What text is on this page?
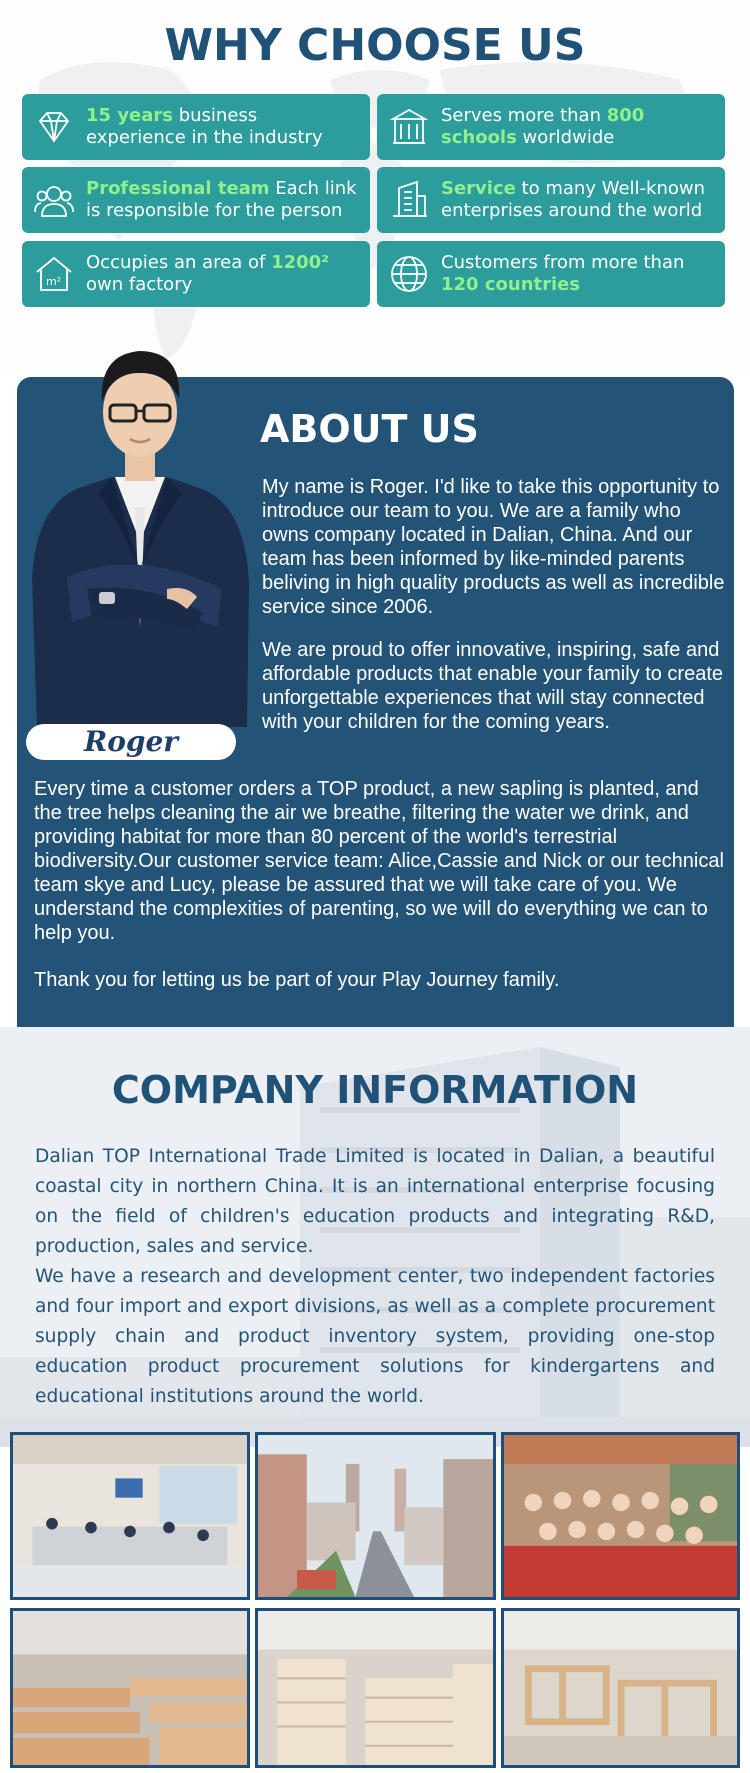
WHY CHOOSE US
15 years business experience in the industry
Serves more than 800 schools worldwide
Professional team Each link is responsible for the person
Service to many Well-known enterprises around the world
m²
Occupies an area of 1200² own factory
Customers from more than 120 countries
Roger
ABOUT US

My name is Roger. I'd like to take this opportunity to introduce our team to you. We are a family who owns company located in Dalian, China. And our team has been informed by like-minded parents beliving in high quality products as well as incredible service since 2006.

We are proud to offer innovative, inspiring, safe and affordable products that enable your family to create unforgettable experiences that will stay connected with your children for the coming years.

Every time a customer orders a TOP product, a new sapling is planted, and the tree helps cleaning the air we breathe, filtering the water we drink, and providing habitat for more than 80 percent of the world's terrestrial biodiversity.Our customer service team: Alice,Cassie and Nick or our technical team skye and Lucy, please be assured that we will take care of you. We understand the complexities of parenting, so we will do everything we can to help you.

Thank you for letting us be part of your Play Journey family.

COMPANY INFORMATION

Dalian TOP International Trade Limited is located in Dalian, a beautiful coastal city in northern China. It is an international enterprise focusing on the field of children's education products and integrating R&D, production, sales and service.

We have a research and development center, two independent factories and four import and export divisions, as well as a complete procurement supply chain and product inventory system, providing one-stop education product procurement solutions for kindergartens and educational institutions around the world.
